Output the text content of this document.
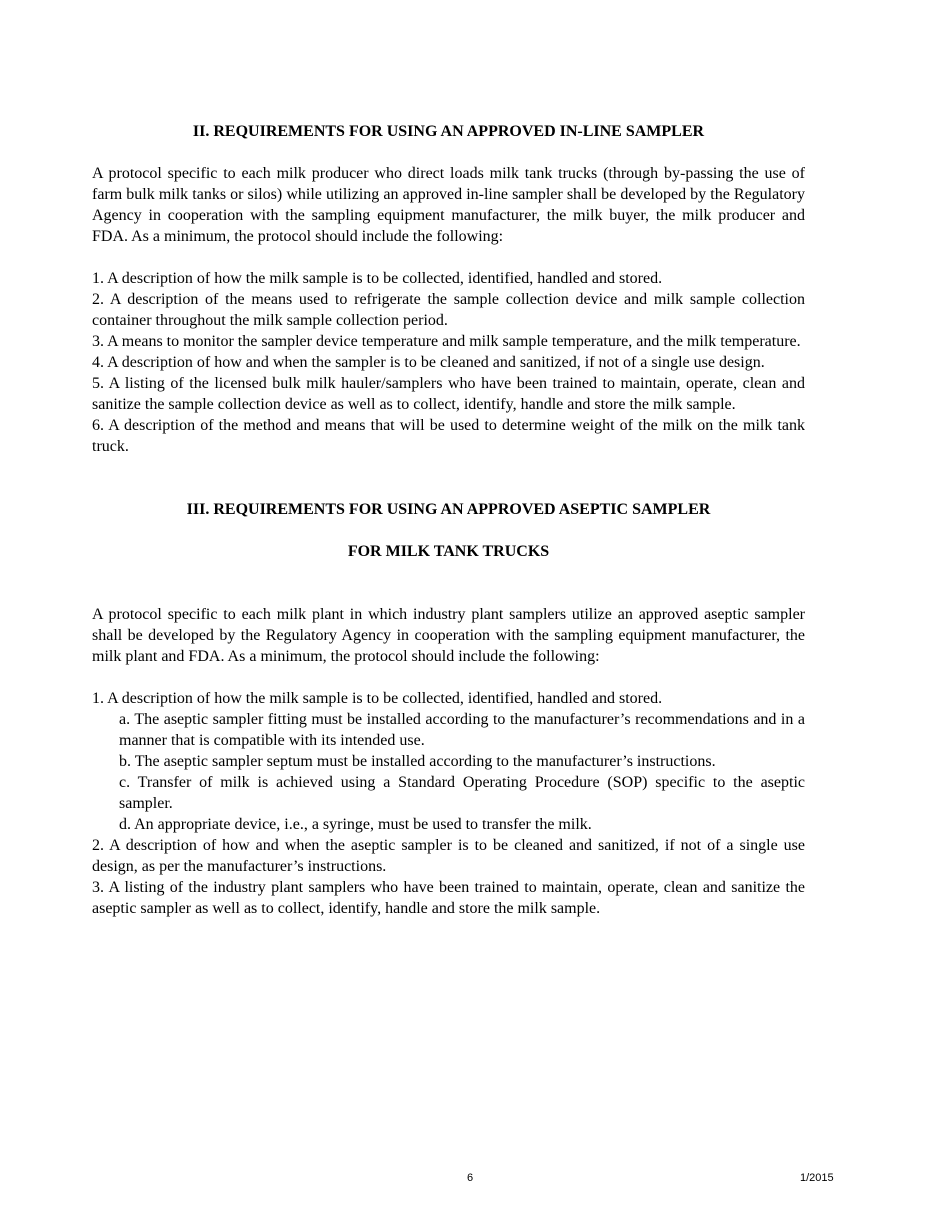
II. REQUIREMENTS FOR USING AN APPROVED IN-LINE SAMPLER

A protocol specific to each milk producer who direct loads milk tank trucks (through by-passing the use of farm bulk milk tanks or silos) while utilizing an approved in-line sampler shall be developed by the Regulatory Agency in cooperation with the sampling equipment manufacturer, the milk buyer, the milk producer and FDA. As a minimum, the protocol should include the following:

1. A description of how the milk sample is to be collected, identified, handled and stored.

2. A description of the means used to refrigerate the sample collection device and milk sample collection container throughout the milk sample collection period.

3. A means to monitor the sampler device temperature and milk sample temperature, and the milk temperature.

4. A description of how and when the sampler is to be cleaned and sanitized, if not of a single use design.

5. A listing of the licensed bulk milk hauler/samplers who have been trained to maintain, operate, clean and sanitize the sample collection device as well as to collect, identify, handle and store the milk sample.

6. A description of the method and means that will be used to determine weight of the milk on the milk tank truck.

III. REQUIREMENTS FOR USING AN APPROVED ASEPTIC SAMPLER

FOR MILK TANK TRUCKS

A protocol specific to each milk plant in which industry plant samplers utilize an approved aseptic sampler shall be developed by the Regulatory Agency in cooperation with the sampling equipment manufacturer, the milk plant and FDA. As a minimum, the protocol should include the following:

1. A description of how the milk sample is to be collected, identified, handled and stored.

a. The aseptic sampler fitting must be installed according to the manufacturer’s recommendations and in a manner that is compatible with its intended use.

b. The aseptic sampler septum must be installed according to the manufacturer’s instructions.

c. Transfer of milk is achieved using a Standard Operating Procedure (SOP) specific to the aseptic sampler.

d. An appropriate device, i.e., a syringe, must be used to transfer the milk.

2. A description of how and when the aseptic sampler is to be cleaned and sanitized, if not of a single use design, as per the manufacturer’s instructions.

3. A listing of the industry plant samplers who have been trained to maintain, operate, clean and sanitize the aseptic sampler as well as to collect, identify, handle and store the milk sample.

6	1/2015
